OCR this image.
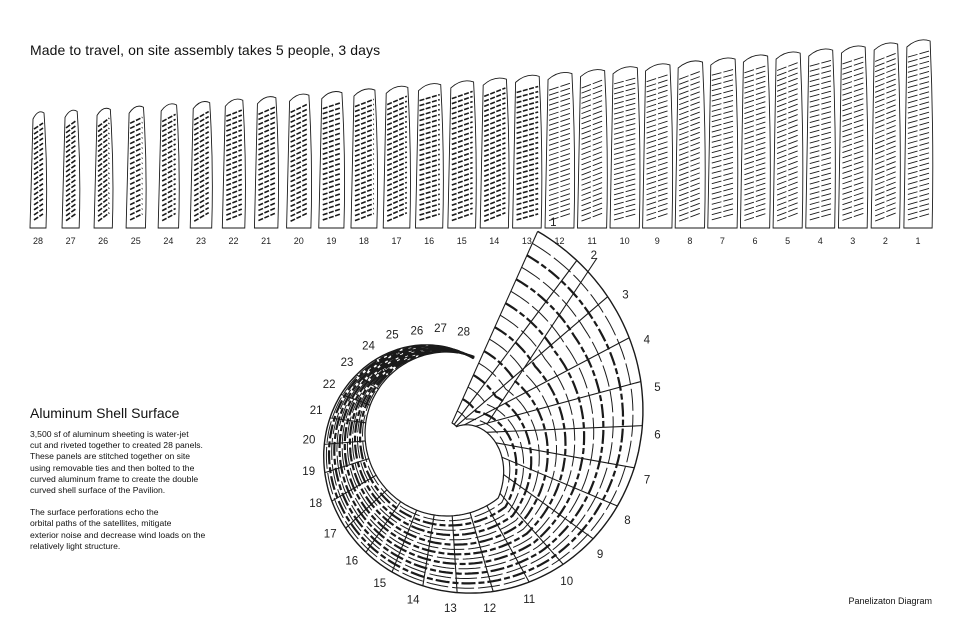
Made to travel, on site assembly takes 5 people, 3 days
28	27	26	25	24	23	22	21	20	19	18	17	16	15	14	13	12	11	10	9	8	7	6	5	4	3	2	1
1
2
3
4
5
6
7
8
9
10
11
12
13
14
15
16
17
18
19
20
21
22
23
24
25 26 27 28
Aluminum Shell Surface

3,500 sf of aluminum sheeting is water-jet
cut and riveted together to created 28 panels.
These panels are stitched together on site
using removable ties and then bolted to the
curved aluminum frame to create the double
curved shell surface of the Pavilion.

The surface perforations echo the
orbital paths of the satellites, mitigate
exterior noise and decrease wind loads on the
relatively light structure.

Panelizaton Diagram
